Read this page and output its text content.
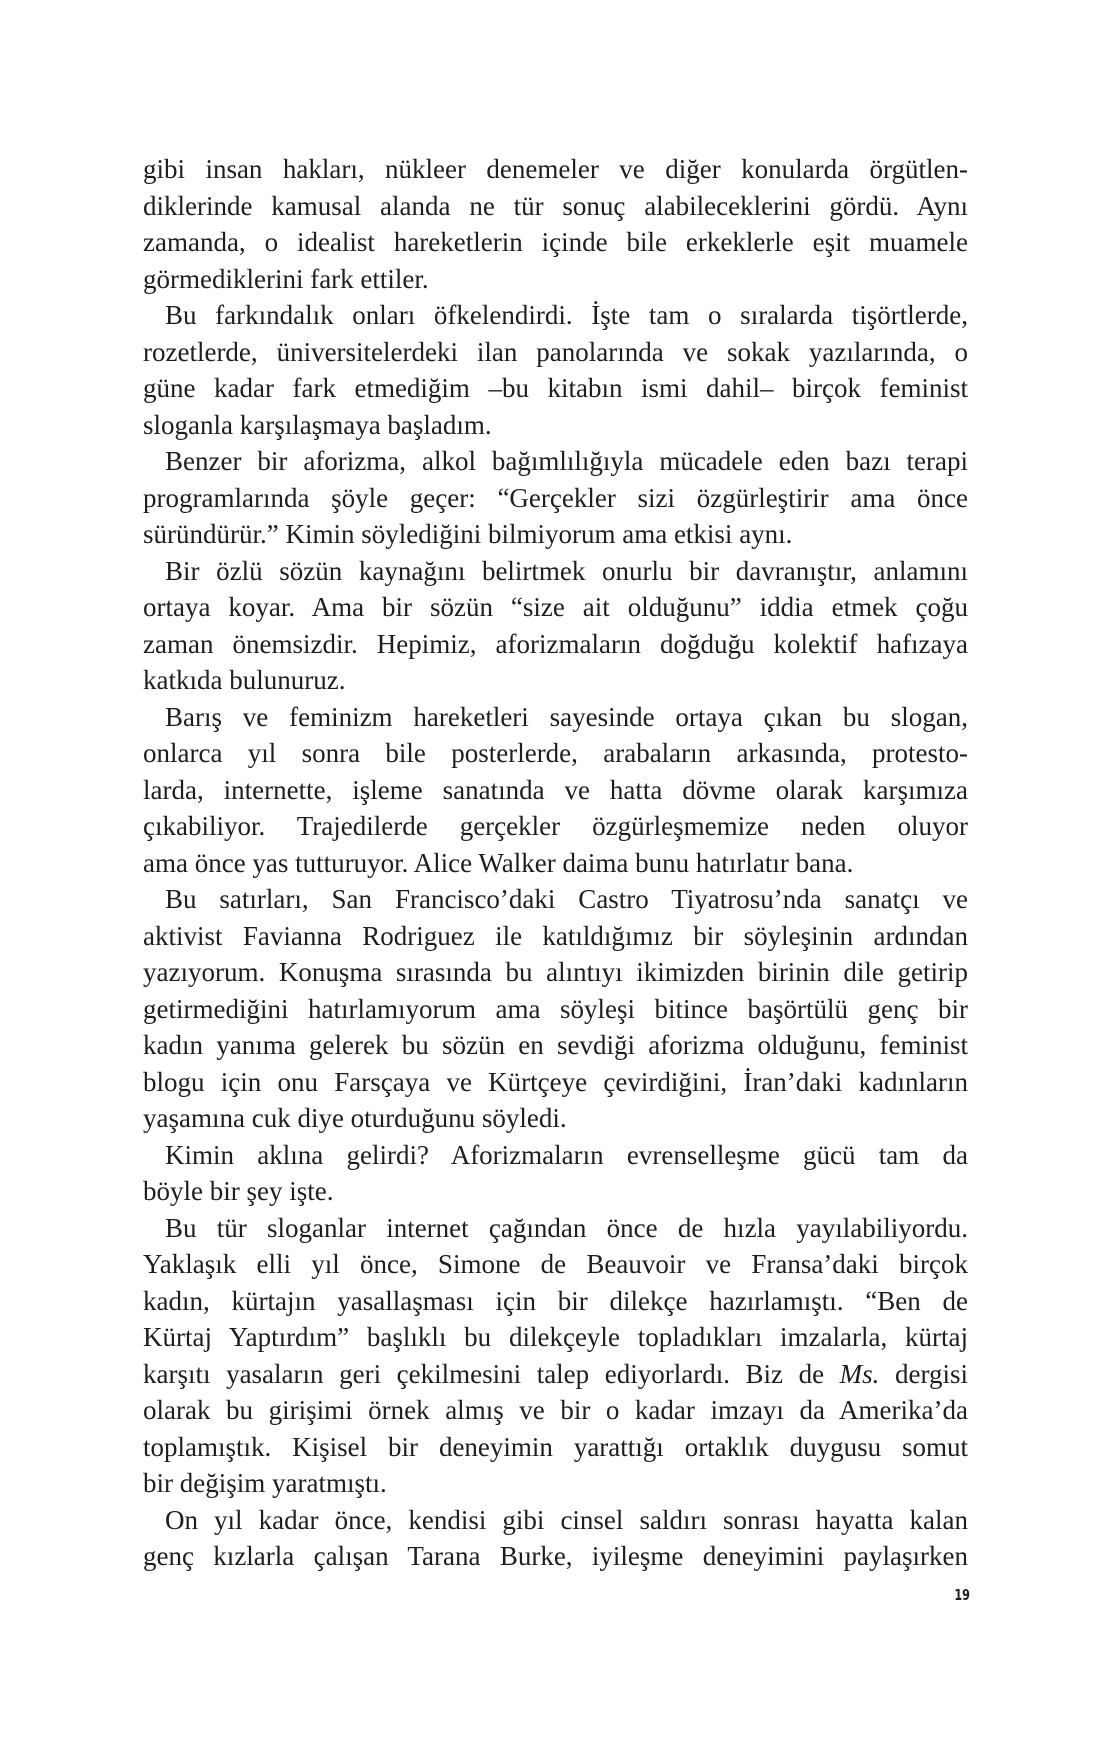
gibi insan hakları, nükleer denemeler ve diğer konularda örgütlen-
diklerinde kamusal alanda ne tür sonuç alabileceklerini gördü. Aynı
zamanda, o idealist hareketlerin içinde bile erkeklerle eşit muamele
görmediklerini fark ettiler.
Bu farkındalık onları öfkelendirdi. İşte tam o sıralarda tişörtlerde,
rozetlerde, üniversitelerdeki ilan panolarında ve sokak yazılarında, o
güne kadar fark etmediğim –bu kitabın ismi dahil– birçok feminist
sloganla karşılaşmaya başladım.
Benzer bir aforizma, alkol bağımlılığıyla mücadele eden bazı terapi
programlarında şöyle geçer: “Gerçekler sizi özgürleştirir ama önce
süründürür.” Kimin söylediğini bilmiyorum ama etkisi aynı.
Bir özlü sözün kaynağını belirtmek onurlu bir davranıştır, anlamını
ortaya koyar. Ama bir sözün “size ait olduğunu” iddia etmek çoğu
zaman önemsizdir. Hepimiz, aforizmaların doğduğu kolektif hafızaya
katkıda bulunuruz.
Barış ve feminizm hareketleri sayesinde ortaya çıkan bu slogan,
onlarca yıl sonra bile posterlerde, arabaların arkasında, protesto-
larda, internette, işleme sanatında ve hatta dövme olarak karşımıza
çıkabiliyor. Trajedilerde gerçekler özgürleşmemize neden oluyor
ama önce yas tutturuyor. Alice Walker daima bunu hatırlatır bana.
Bu satırları, San Francisco’daki Castro Tiyatrosu’nda sanatçı ve
aktivist Favianna Rodriguez ile katıldığımız bir söyleşinin ardından
yazıyorum. Konuşma sırasında bu alıntıyı ikimizden birinin dile getirip
getirmediğini hatırlamıyorum ama söyleşi bitince başörtülü genç bir
kadın yanıma gelerek bu sözün en sevdiği aforizma olduğunu, feminist
blogu için onu Farsçaya ve Kürtçeye çevirdiğini, İran’daki kadınların
yaşamına cuk diye oturduğunu söyledi.
Kimin aklına gelirdi? Aforizmaların evrenselleşme gücü tam da
böyle bir şey işte.
Bu tür sloganlar internet çağından önce de hızla yayılabiliyordu.
Yaklaşık elli yıl önce, Simone de Beauvoir ve Fransa’daki birçok
kadın, kürtajın yasallaşması için bir dilekçe hazırlamıştı. “Ben de
Kürtaj Yaptırdım” başlıklı bu dilekçeyle topladıkları imzalarla, kürtaj
karşıtı yasaların geri çekilmesini talep ediyorlardı. Biz de Ms. dergisi
olarak bu girişimi örnek almış ve bir o kadar imzayı da Amerika’da
toplamıştık. Kişisel bir deneyimin yarattığı ortaklık duygusu somut
bir değişim yaratmıştı.
On yıl kadar önce, kendisi gibi cinsel saldırı sonrası hayatta kalan
genç kızlarla çalışan Tarana Burke, iyileşme deneyimini paylaşırken
19
